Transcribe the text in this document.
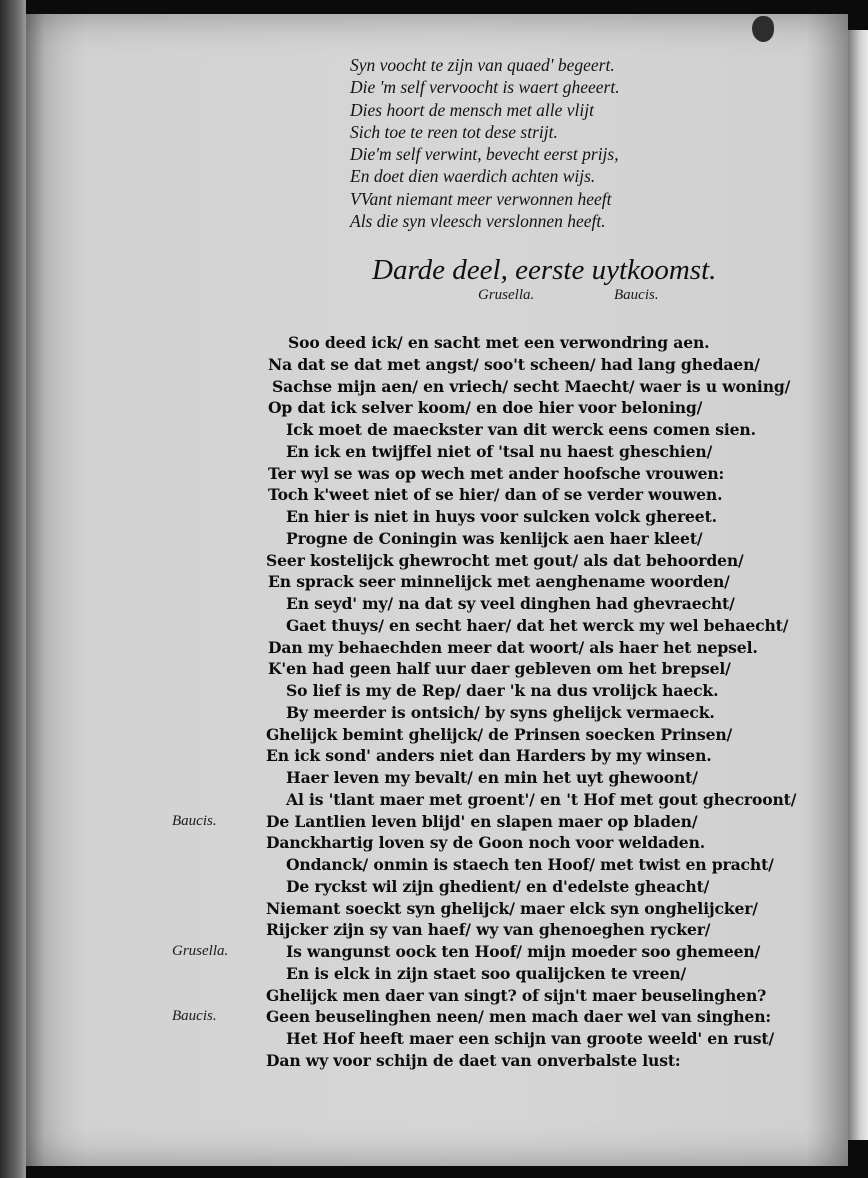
Syn voocht te zijn van quaed' begeert.
Die 'm self vervoocht is waert gheeert.
Dies hoort de mensch met alle vlijt
Sich toe te reen tot dese strijt.
Die'm self verwint, bevecht eerst prijs,
En doet dien waerdich achten wijs.
VVant niemant meer verwonnen heeft
Als die syn vleesch verslonnen heeft.
Darde deel, eerste uytkoomst.
Grusella.	Baucis.
Soo deed ick/ en sacht met een verwondring aen.
Na dat se dat met angst/ soo't scheen/ had lang ghedaen/
Sachse mijn aen/ en vriech/ secht Maecht/ waer is u woning/
Op dat ick selver koom/ en doe hier voor beloning/
Ick moet de maeckster van dit werck eens comen sien.
En ick en twijffel niet of 'tsal nu haest gheschien/
Ter wyl se was op wech met ander hoofsche vrouwen:
Toch k'weet niet of se hier/ dan of se verder wouwen.
En hier is niet in huys voor sulcken volck ghereet.
Progne de Coningin was kenlijck aen haer kleet/
Seer kostelijck ghewrocht met gout/ als dat behoorden/
En sprack seer minnelijck met aenghename woorden/
En seyd' my/ na dat sy veel dinghen had ghevraecht/
Gaet thuys/ en secht haer/ dat het werck my wel behaecht/
Dan my behaechden meer dat woort/ als haer het nepsel.
K'en had geen half uur daer gebleven om het brepsel/
So lief is my de Rep/ daer 'k na dus vrolijck haeck.
By meerder is ontsich/ by syns ghelijck vermaeck.
Ghelijck bemint ghelijck/ de Prinsen soecken Prinsen/
En ick sond' anders niet dan Harders by my winsen.
Haer leven my bevalt/ en min het uyt ghewoont/
Al is 'tlant maer met groent'/ en 't Hof met gout ghecroont/
Baucis.	De Lantlien leven blijd' en slapen maer op bladen/
Danckhartig loven sy de Goon noch voor weldaden.
Ondanck/ onmin is staech ten Hoof/ met twist en pracht/
De ryckst wil zijn ghedient/ en d'edelste gheacht/
Niemant soeckt syn ghelijck/ maer elck syn onghelijcker/
Rijcker zijn sy van haef/ wy van ghenoeghen rycker/
Grusella.	Is wangunst oock ten Hoof/ mijn moeder soo ghemeen/
En is elck in zijn staet soo qualijcken te vreen/
Ghelijck men daer van singt? of sijn't maer beuselinghen?
Baucis.	Geen beuselinghen neen/ men mach daer wel van singhen:
Het Hof heeft maer een schijn van groote weeld' en rust/
Dan wy voor schijn de daet van onverbalste lust:
